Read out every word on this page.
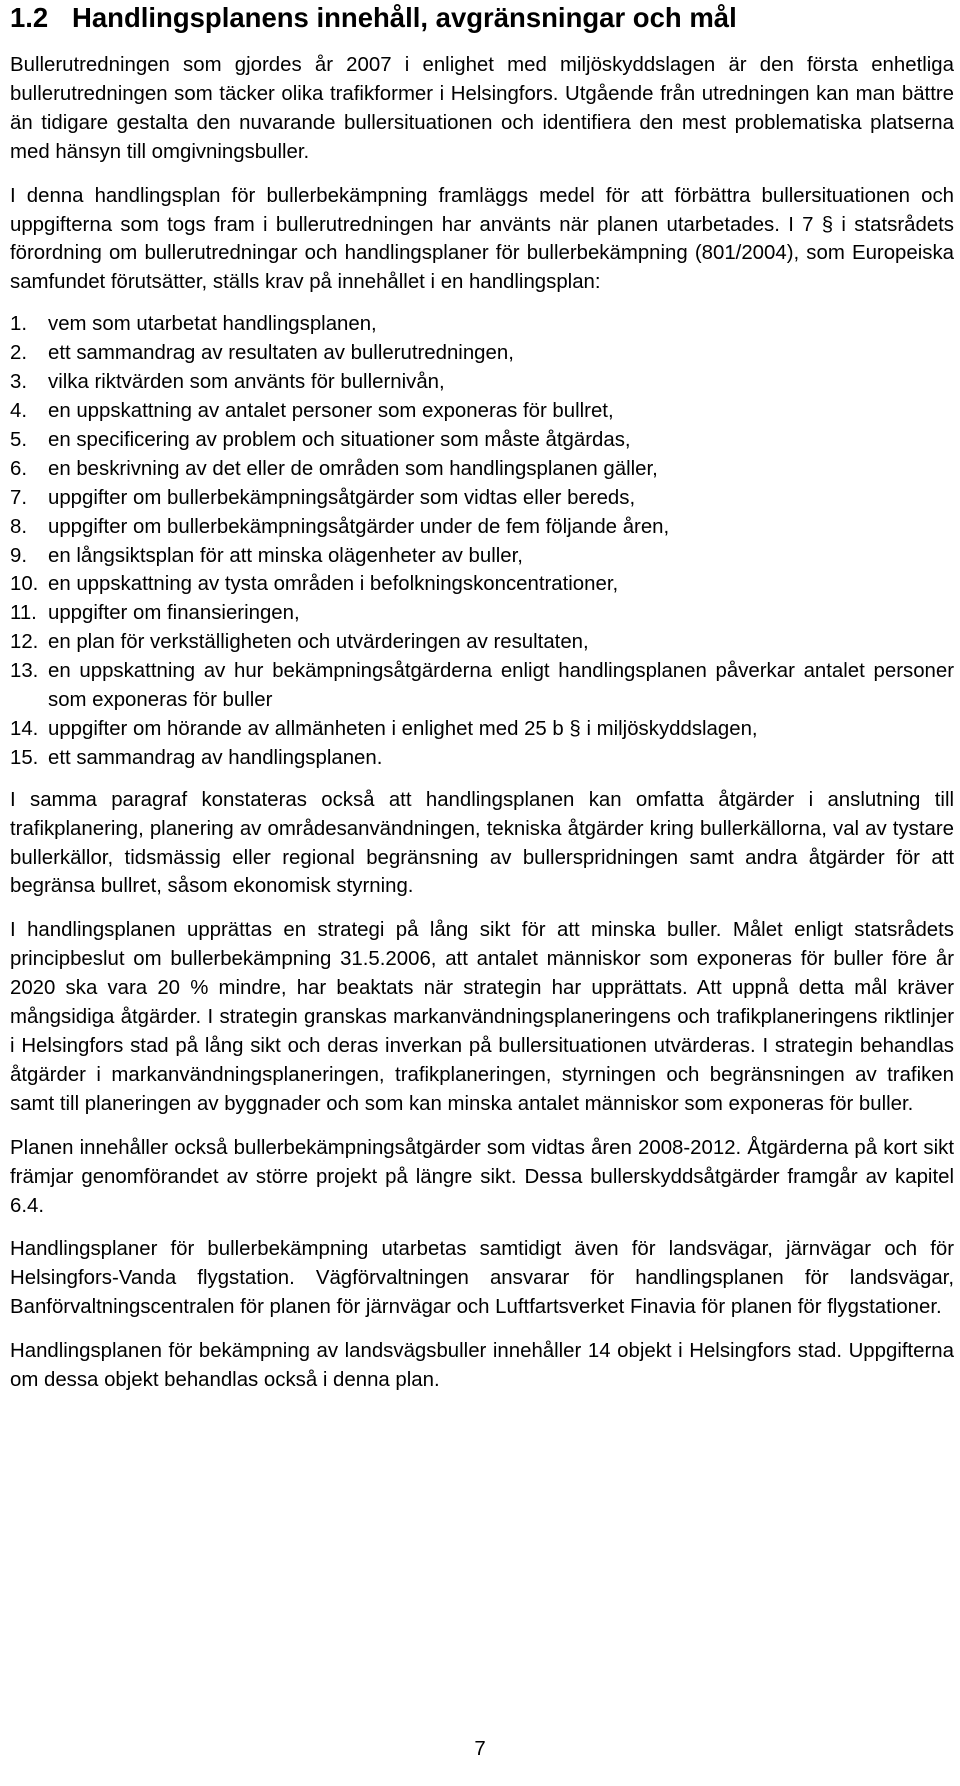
1.2 Handlingsplanens innehåll, avgränsningar och mål

Bullerutredningen som gjordes år 2007 i enlighet med miljöskyddslagen är den första enhetliga bullerutredningen som täcker olika trafikformer i Helsingfors. Utgående från utredningen kan man bättre än tidigare gestalta den nuvarande bullersituationen och identifiera den mest problematiska platserna med hänsyn till omgivningsbuller.

I denna handlingsplan för bullerbekämpning framläggs medel för att förbättra bullersituationen och uppgifterna som togs fram i bullerutredningen har använts när planen utarbetades. I 7 § i statsrådets förordning om bullerutredningar och handlingsplaner för bullerbekämpning (801/2004), som Europeiska samfundet förutsätter, ställs krav på innehållet i en handlingsplan:

1.	vem som utarbetat handlingsplanen,
2.	ett sammandrag av resultaten av bullerutredningen,
3.	vilka riktvärden som använts för bullernivån,
4.	en uppskattning av antalet personer som exponeras för bullret,
5.	en specificering av problem och situationer som måste åtgärdas,
6.	en beskrivning av det eller de områden som handlingsplanen gäller,
7.	uppgifter om bullerbekämpningsåtgärder som vidtas eller bereds,
8.	uppgifter om bullerbekämpningsåtgärder under de fem följande åren,
9.	en långsiktsplan för att minska olägenheter av buller,
10. en uppskattning av tysta områden i befolkningskoncentrationer,
11. uppgifter om finansieringen,
12. en plan för verkställigheten och utvärderingen av resultaten,
13. en uppskattning av hur bekämpningsåtgärderna enligt handlingsplanen påverkar antalet personer som exponeras för buller
14. uppgifter om hörande av allmänheten i enlighet med 25 b § i miljöskyddslagen,
15. ett sammandrag av handlingsplanen.

I samma paragraf konstateras också att handlingsplanen kan omfatta åtgärder i anslutning till trafikplanering, planering av områdesanvändningen, tekniska åtgärder kring bullerkällorna, val av tystare bullerkällor, tidsmässig eller regional begränsning av bullerspridningen samt andra åtgärder för att begränsa bullret, såsom ekonomisk styrning.

I handlingsplanen upprättas en strategi på lång sikt för att minska buller. Målet enligt statsrådets principbeslut om bullerbekämpning 31.5.2006, att antalet människor som exponeras för buller före år 2020 ska vara 20 % mindre, har beaktats när strategin har upprättats. Att uppnå detta mål kräver mångsidiga åtgärder. I strategin granskas markanvändningsplaneringens och trafikplaneringens riktlinjer i Helsingfors stad på lång sikt och deras inverkan på bullersituationen utvärderas. I strategin behandlas åtgärder i markanvändningsplaneringen, trafikplaneringen, styrningen och begränsningen av trafiken samt till planeringen av byggnader och som kan minska antalet människor som exponeras för buller.

Planen innehåller också bullerbekämpningsåtgärder som vidtas åren 2008-2012. Åtgärderna på kort sikt främjar genomförandet av större projekt på längre sikt. Dessa bullerskyddsåtgärder framgår av kapitel 6.4.

Handlingsplaner för bullerbekämpning utarbetas samtidigt även för landsvägar, järnvägar och för Helsingfors-Vanda flygstation. Vägförvaltningen ansvarar för handlingsplanen för landsvägar, Banförvaltningscentralen för planen för järnvägar och Luftfartsverket Finavia för planen för flygstationer.

Handlingsplanen för bekämpning av landsvägsbuller innehåller 14 objekt i Helsingfors stad. Uppgifterna om dessa objekt behandlas också i denna plan.

7
